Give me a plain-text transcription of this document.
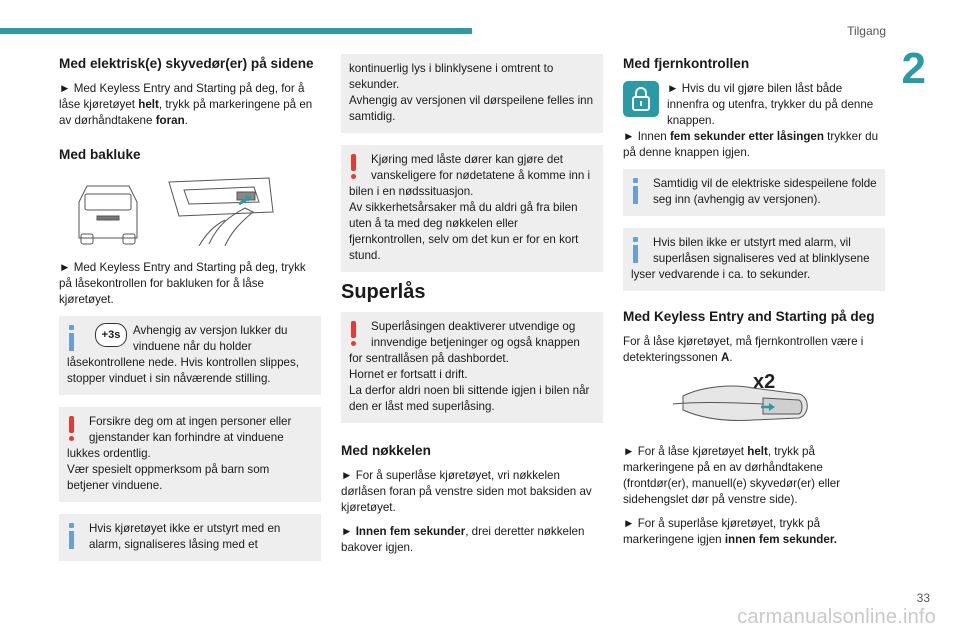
Tilgang
2
Med elektrisk(e) skyvedør(er) på sidene

► Med Keyless Entry and Starting på deg, for å låse kjøretøyet helt, trykk på markeringene på en av dørhåndtakene foran.

Med bakluke

► Med Keyless Entry and Starting på deg, trykk på låsekontrollen for bakluken for å låse kjøretøyet.

+3s	Avhengig av versjon lukker du vinduene når du holder låsekontrollene nede. Hvis kontrollen slippes, stopper vinduet i sin nåværende stilling.
Forsikre deg om at ingen personer eller gjenstander kan forhindre at vinduene lukkes ordentlig.
Vær spesielt oppmerksom på barn som betjener vinduene.
Hvis kjøretøyet ikke er utstyrt med en alarm, signaliseres låsing med et
kontinuerlig lys i blinklysene i omtrent to sekunder.
Avhengig av versjonen vil dørspeilene felles inn samtidig.
Kjøring med låste dører kan gjøre det vanskeligere for nødetatene å komme inn i bilen i en nødssituasjon.
Av sikkerhetsårsaker må du aldri gå fra bilen uten å ta med deg nøkkelen eller fjernkontrollen, selv om det kun er for en kort stund.
Superlås
Superlåsingen deaktiverer utvendige og innvendige betjeninger og også knappen for sentrallåsen på dashbordet.
Hornet er fortsatt i drift.
La derfor aldri noen bli sittende igjen i bilen når den er låst med superlåsing.
Med nøkkelen

► For å superlåse kjøretøyet, vri nøkkelen dørlåsen foran på venstre siden mot baksiden av kjøretøyet.

► Innen fem sekunder, drei deretter nøkkelen bakover igjen.

Med fjernkontrollen
► Hvis du vil gjøre bilen låst både innenfra og utenfra, trykker du på denne knappen.

► Innen fem sekunder etter låsingen trykker du på denne knappen igjen.

Samtidig vil de elektriske sidespeilene folde seg inn (avhengig av versjonen).
Hvis bilen ikke er utstyrt med alarm, vil superlåsen signaliseres ved at blinklysene lyser vedvarende i ca. to sekunder.
Med Keyless Entry and Starting på deg

For å låse kjøretøyet, må fjernkontrollen være i detekteringssonen A.

x2

► For å låse kjøretøyet helt, trykk på markeringene på en av dørhåndtakene (frontdør(er), manuell(e) skyvedør(er) eller sidehengslet dør på venstre side).

► For å superlåse kjøretøyet, trykk på markeringene igjen innen fem sekunder.

carmanualsonline.info
33
